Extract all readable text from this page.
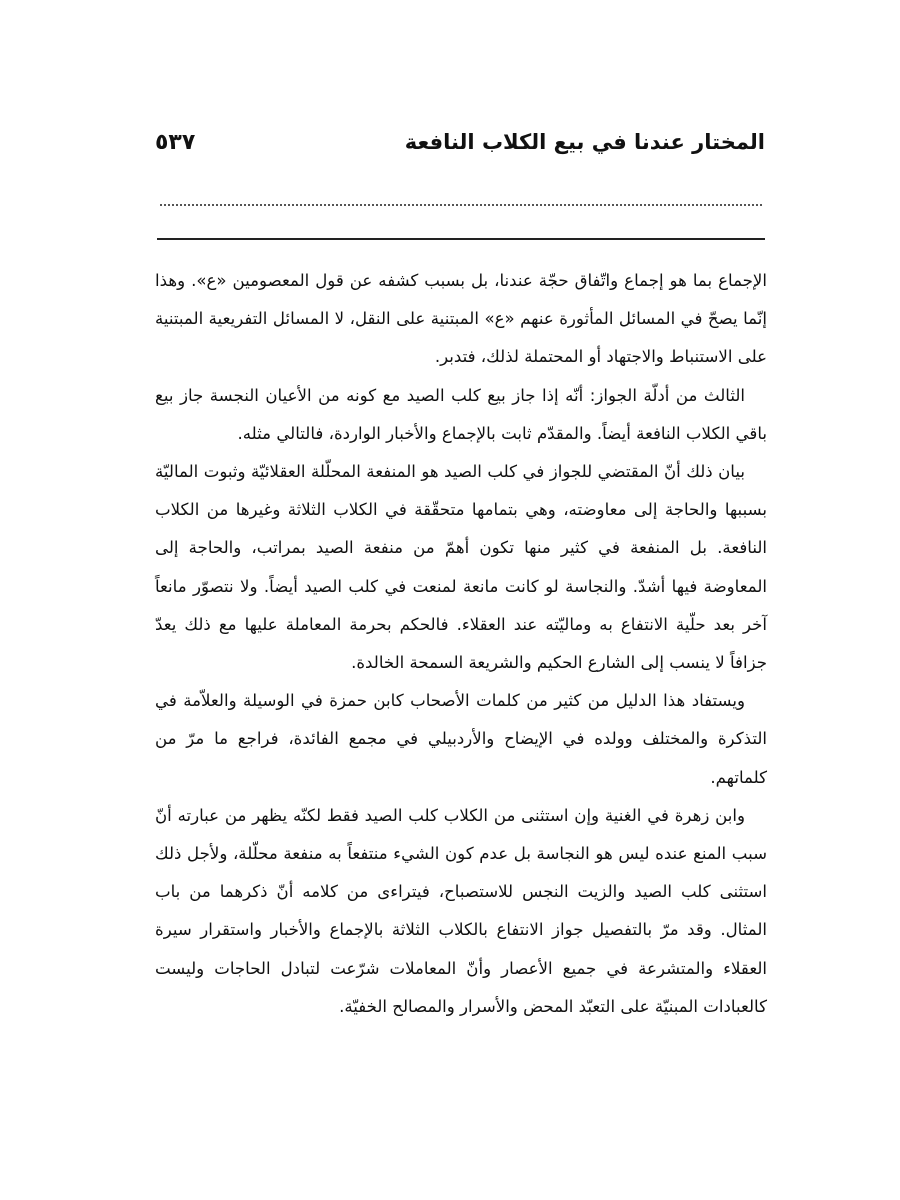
المختار عندنا في بيع الكلاب النافعة
٥٣٧

الإجماع بما هو إجماع واتّفاق حجّة عندنا، بل بسبب كشفه عن قول المعصومين «ع». وهذا إنّما يصحّ في المسائل المأثورة عنهم «ع» المبتنية على النقل، لا المسائل التفريعية المبتنية على الاستنباط والاجتهاد أو المحتملة لذلك، فتدبر.

الثالث من أدلّة الجواز: أنّه إذا جاز بيع كلب الصيد مع كونه من الأعيان النجسة جاز بيع باقي الكلاب النافعة أيضاً. والمقدّم ثابت بالإجماع والأخبار الواردة، فالتالي مثله.

بيان ذلك أنّ المقتضي للجواز في كلب الصيد هو المنفعة المحلّلة العقلائيّة وثبوت الماليّة بسببها والحاجة إلى معاوضته، وهي بتمامها متحقّقة في الكلاب الثلاثة وغيرها من الكلاب النافعة. بل المنفعة في كثير منها تكون أهمّ من منفعة الصيد بمراتب، والحاجة إلى المعاوضة فيها أشدّ. والنجاسة لو كانت مانعة لمنعت في كلب الصيد أيضاً. ولا نتصوّر مانعاً آخر بعد حلّية الانتفاع به وماليّته عند العقلاء. فالحكم بحرمة المعاملة عليها مع ذلك يعدّ جزافاً لا ينسب إلى الشارع الحكيم والشريعة السمحة الخالدة.

ويستفاد هذا الدليل من كثير من كلمات الأصحاب كابن حمزة في الوسيلة والعلاّمة في التذكرة والمختلف وولده في الإيضاح والأردبيلي في مجمع الفائدة، فراجع ما مرّ من كلماتهم.

وابن زهرة في الغنية وإن استثنى من الكلاب كلب الصيد فقط لكنّه يظهر من عبارته أنّ سبب المنع عنده ليس هو النجاسة بل عدم كون الشيء منتفعاً به منفعة محلّلة، ولأجل ذلك استثنى كلب الصيد والزيت النجس للاستصباح، فيتراءى من كلامه أنّ ذكرهما من باب المثال. وقد مرّ بالتفصيل جواز الانتفاع بالكلاب الثلاثة بالإجماع والأخبار واستقرار سيرة العقلاء والمتشرعة في جميع الأعصار وأنّ المعاملات شرّعت لتبادل الحاجات وليست كالعبادات المبنيّة على التعبّد المحض والأسرار والمصالح الخفيّة.
